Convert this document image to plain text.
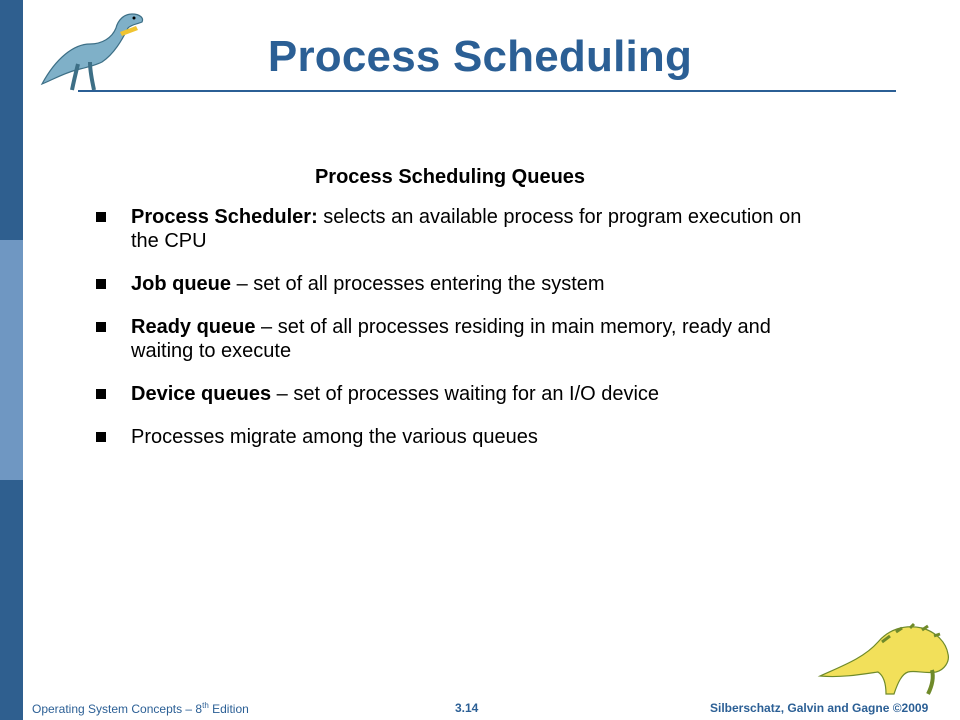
Process Scheduling
Process Scheduling Queues
Process Scheduler: selects an available process for program execution on the CPU
Job queue – set of all processes entering the system
Ready queue – set of all processes residing in main memory, ready and waiting to execute
Device queues – set of processes waiting for an I/O device
Processes migrate among the various queues
Operating System Concepts – 8th Edition	3.14	Silberschatz, Galvin and Gagne ©2009
